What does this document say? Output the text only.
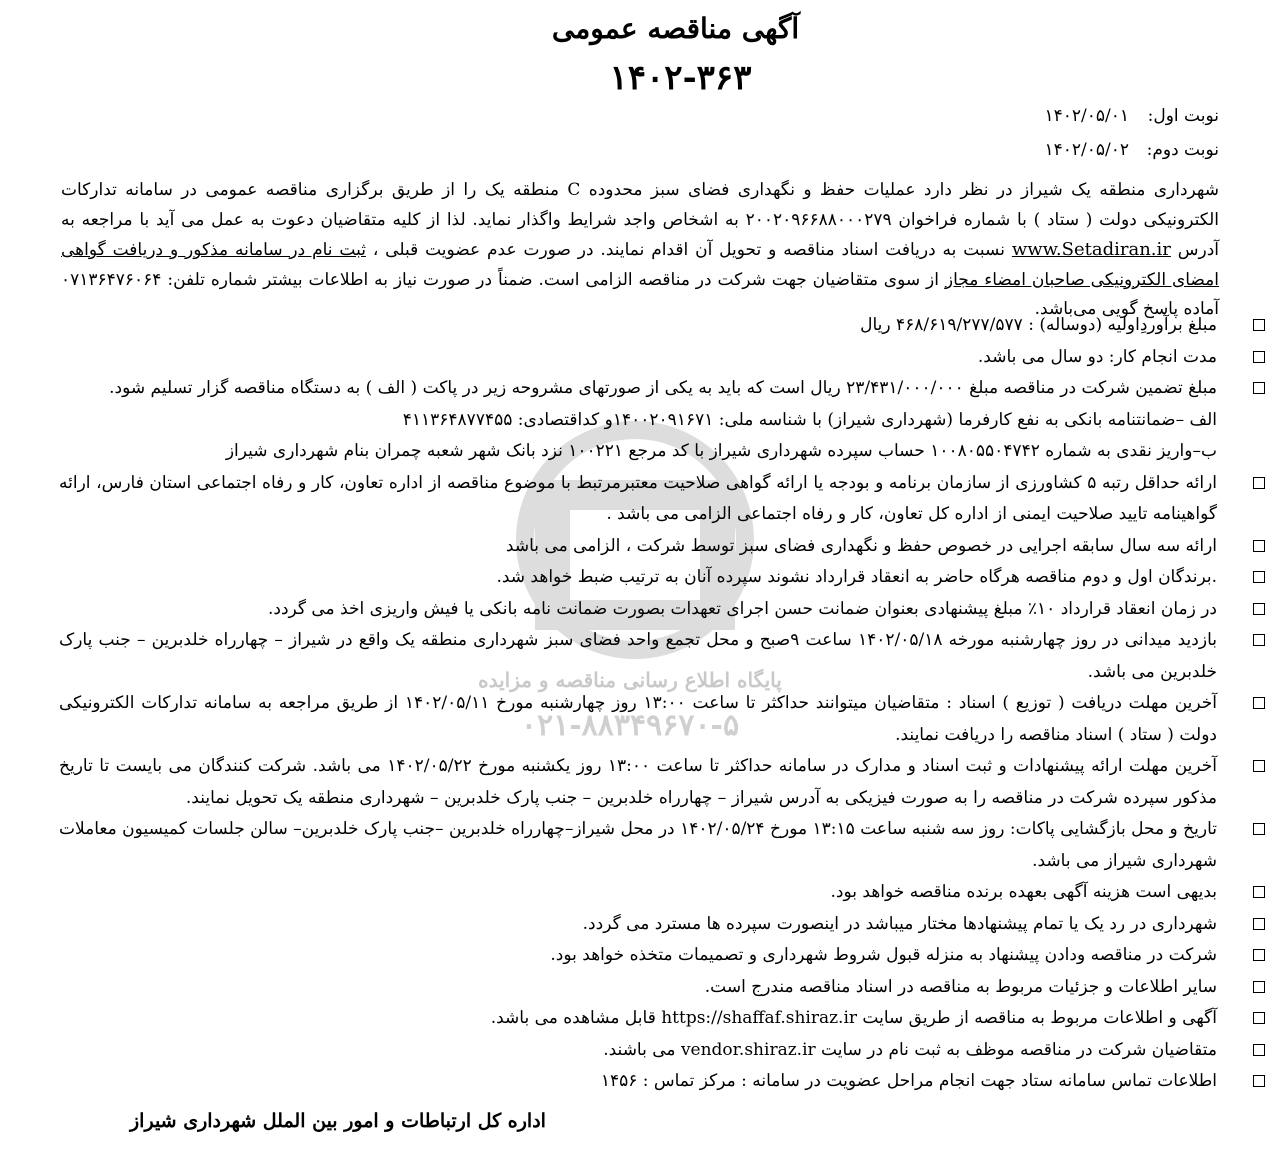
پایگاه اطلاع رسانی مناقصه و مزایده
۰۲۱-۸۸۳۴۹۶۷۰-۵
آگهی مناقصه عمومی
۱۴۰۲-۳۶۳
نوبت اول:۱۴۰۲/۰۵/۰۱
نوبت دوم:۱۴۰۲/۰۵/۰۲
شهرداری منطقه یک شیراز در نظر دارد عملیات حفظ و نگهداری فضای سبز محدوده C منطقه یک را از طریق برگزاری مناقصه عمومی در سامانه تدارکات الکترونیکی دولت ( ستاد ) با شماره فراخوان ۲۰۰۲۰۹۶۶۸۸۰۰۰۲۷۹ به اشخاص واجد شرایط واگذار نماید. لذا از کلیه متقاضیان دعوت به عمل می آید با مراجعه به آدرس www.Setadiran.ir نسبت به دریافت اسناد مناقصه و تحویل آن اقدام نمایند. در صورت عدم عضویت قبلی ، ثبت نام در سامانه مذکور و دریافت گواهی امضای الکترونیکی صاحبان امضاء مجاز از سوی متقاضیان جهت شرکت در مناقصه الزامی است. ضمناً در صورت نیاز به اطلاعات بیشتر شماره تلفن: ۰۷۱۳۶۴۷۶۰۶۴ آماده پاسخ گویی می‌باشد.
مبلغ برآوردِاولیه (دوساله) : ۴۶۸/۶۱۹/۲۷۷/۵۷۷ ریال
مدت انجام کار: دو سال می باشد.
مبلغ تضمین شرکت در مناقصه مبلغ ۲۳/۴۳۱/۰۰۰/۰۰۰ ریال است که باید به یکی از صورتهای مشروحه زیر در پاکت ( الف ) به دستگاه مناقصه گزار تسلیم شود.
الف –ضمانتنامه بانکی به نفع کارفرما (شهرداری شیراز) با شناسه ملی: ۱۴۰۰۲۰۹۱۶۷۱و کداقتصادی: ۴۱۱۳۶۴۸۷۷۴۵۵
ب–واریز نقدی به شماره ۱۰۰۸۰۵۵۰۴۷۴۲ حساب سپرده شهرداری شیراز با کد مرجع ۱۰۰۲۲۱ نزد بانک شهر شعبه چمران بنام شهرداری شیراز
ارائه حداقل رتبه ۵ کشاورزی از سازمان برنامه و بودجه یا ارائه گواهی صلاحیت معتبرمرتبط با موضوع مناقصه از اداره تعاون، کار و رفاه اجتماعی استان فارس، ارائه گواهینامه تایید صلاحیت ایمنی از اداره کل تعاون، کار و رفاه اجتماعی الزامی می باشد .
ارائه سه سال سابقه اجرایی در خصوص حفظ و نگهداری فضای سبز توسط شرکت ، الزامی می باشد
.برندگان اول و دوم مناقصه هرگاه حاضر به انعقاد قرارداد نشوند سپرده آنان به ترتیب ضبط خواهد شد.
در زمان انعقاد قرارداد ۱۰٪ مبلغ پیشنهادی بعنوان ضمانت حسن اجرای تعهدات بصورت ضمانت نامه بانکی یا فیش واریزی اخذ می گردد.
بازدید میدانی در روز چهارشنبه مورخه ۱۴۰۲/۰۵/۱۸ ساعت ۹صبح و محل تجمع واحد فضای سبز شهرداری منطقه یک واقع در شیراز – چهارراه خلدبرین – جنب پارک خلدبرین می باشد.
آخرین مهلت دریافت ( توزیع ) اسناد : متقاضیان میتوانند حداکثر تا ساعت ۱۳:۰۰ روز چهارشنبه مورخ ۱۴۰۲/۰۵/۱۱ از طریق مراجعه به سامانه تدارکات الکترونیکی دولت ( ستاد ) اسناد مناقصه را دریافت نمایند.
آخرین مهلت ارائه پیشنهادات و ثبت اسناد و مدارک در سامانه حداکثر تا ساعت ۱۳:۰۰ روز یکشنبه مورخ ۱۴۰۲/۰۵/۲۲ می باشد. شرکت کنندگان می بایست تا تاریخ مذکور سپرده شرکت در مناقصه را به صورت فیزیکی به آدرس شیراز – چهارراه خلدبرین – جنب پارک خلدبرین – شهرداری منطقه یک تحویل نمایند.
تاریخ و محل بازگشایی پاکات: روز سه شنبه ساعت ۱۳:۱۵ مورخ ۱۴۰۲/۰۵/۲۴ در محل شیراز–چهارراه خلدبرین –جنب پارک خلدبرین– سالن جلسات کمیسیون معاملات شهرداری شیراز می باشد.
بدیهی است هزینه آگهی بعهده برنده مناقصه خواهد بود.
شهرداری در رد یک یا تمام پیشنهادها مختار میباشد در اینصورت سپرده ها مسترد می گردد.
شرکت در مناقصه ودادن پیشنهاد به منزله قبول شروط شهرداری و تصمیمات متخذه خواهد بود.
سایر اطلاعات و جزئیات مربوط به مناقصه در اسناد مناقصه مندرج است.
آگهی و اطلاعات مربوط به مناقصه از طریق سایت https://shaffaf.shiraz.ir قابل مشاهده می باشد.
متقاضیان شرکت در مناقصه موظف به ثبت نام در سایت vendor.shiraz.ir می باشند.
اطلاعات تماس سامانه ستاد جهت انجام مراحل عضویت در سامانه : مرکز تماس : ۱۴۵۶
اداره کل ارتباطات و امور بین الملل شهرداری شیراز
